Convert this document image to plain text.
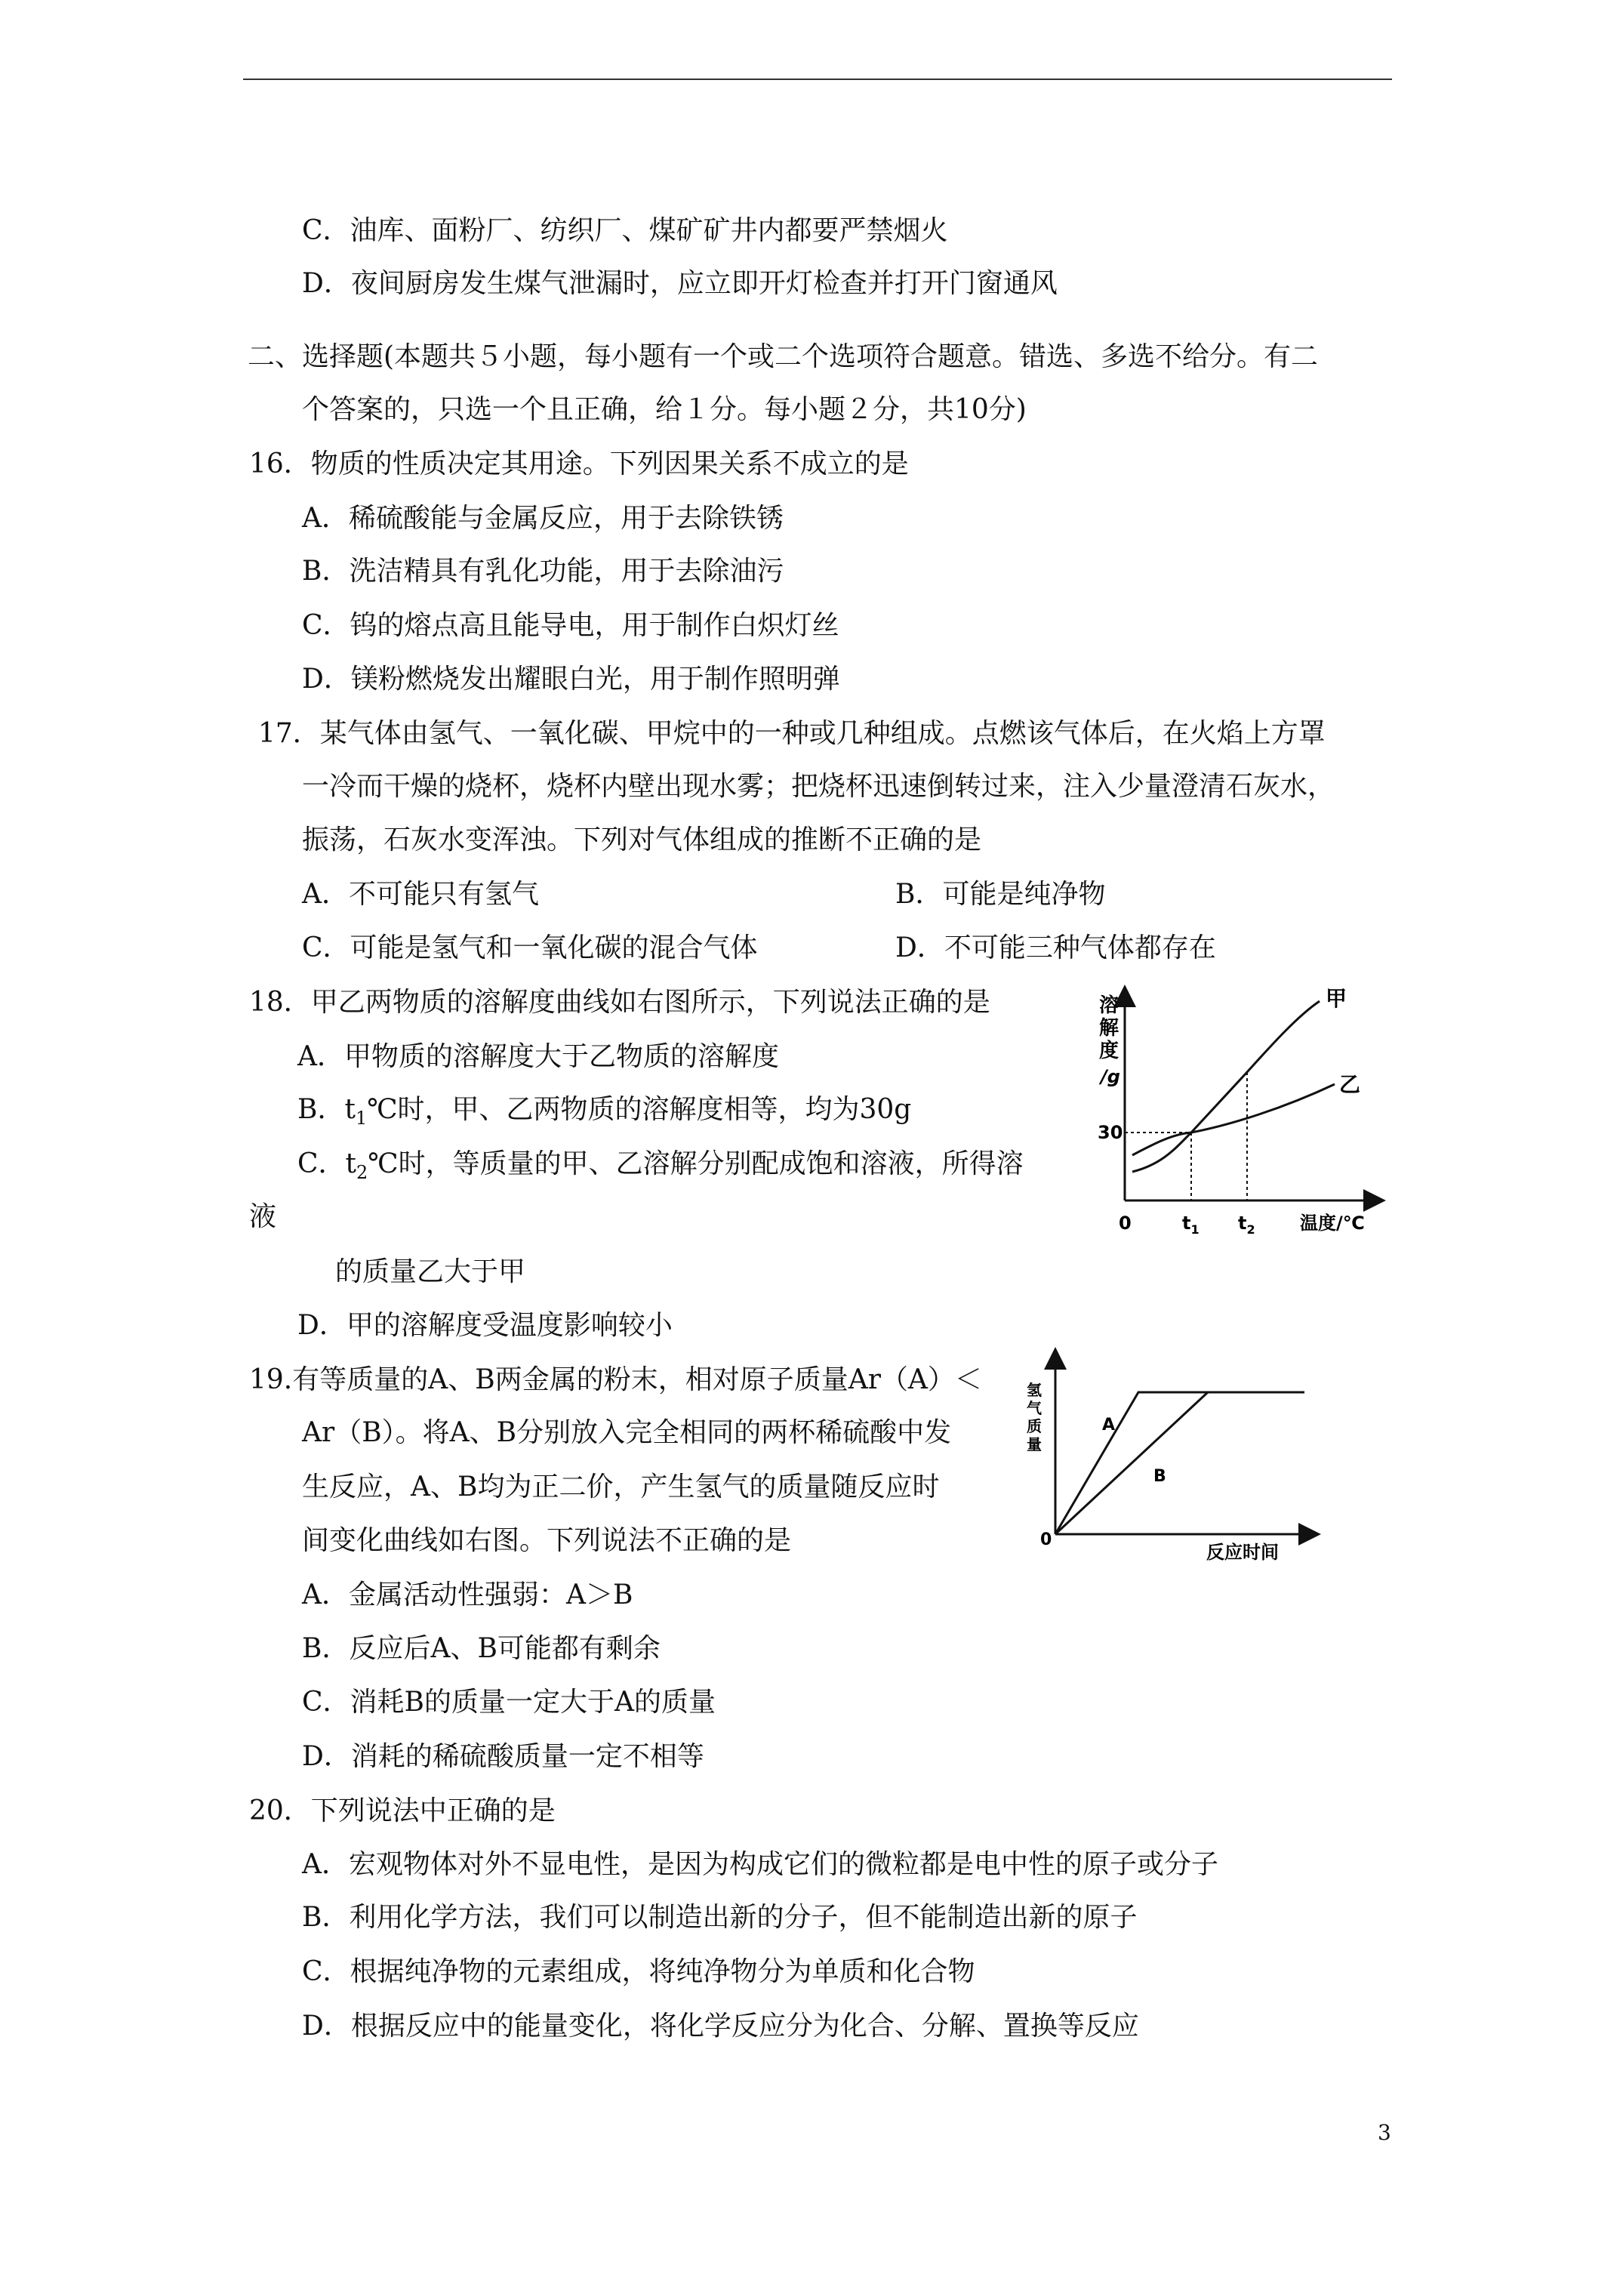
C．油库、面粉厂、纺织厂、煤矿矿井内都要严禁烟火
D．夜间厨房发生煤气泄漏时，应立即开灯检查并打开门窗通风
二、选择题(本题共５小题，每小题有一个或二个选项符合题意。错选、多选不给分。有二
个答案的，只选一个且正确，给１分。每小题２分，共10分)
16．物质的性质决定其用途。下列因果关系不成立的是
A．稀硫酸能与金属反应，用于去除铁锈
B．洗洁精具有乳化功能，用于去除油污
C．钨的熔点高且能导电，用于制作白炽灯丝
D．镁粉燃烧发出耀眼白光，用于制作照明弹
17．某气体由氢气、一氧化碳、甲烷中的一种或几种组成。点燃该气体后，在火焰上方罩
一冷而干燥的烧杯，烧杯内壁出现水雾；把烧杯迅速倒转过来，注入少量澄清石灰水，
振荡，石灰水变浑浊。下列对气体组成的推断不正确的是
A．不可能只有氢气	B．可能是纯净物
C．可能是氢气和一氧化碳的混合气体	D．不可能三种气体都存在
18．甲乙两物质的溶解度曲线如右图所示，下列说法正确的是
A．甲物质的溶解度大于乙物质的溶解度
B．$t_1℃$时，甲、乙两物质的溶解度相等，均为30g
C．$t_2℃$时，等质量的甲、乙溶解分别配成饱和溶液，所得溶
液
的质量乙大于甲
D．甲的溶解度受温度影响较小
19.有等质量的A、B两金属的粉末，相对原子质量Ar（A）＜
Ar（B）。将A、B分别放入完全相同的两杯稀硫酸中发
生反应，A、B均为正二价，产生氢气的质量随反应时
间变化曲线如右图。下列说法不正确的是
A．金属活动性强弱：A＞B
B．反应后A、B可能都有剩余
C．消耗B的质量一定大于A的质量
D．消耗的稀硫酸质量一定不相等
20．下列说法中正确的是
A．宏观物体对外不显电性，是因为构成它们的微粒都是电中性的原子或分子
B．利用化学方法，我们可以制造出新的分子，但不能制造出新的原子
C．根据纯净物的元素组成，将纯净物分为单质和化合物
D．根据反应中的能量变化，将化学反应分为化合、分解、置换等反应
溶
解
度
/g
30
0	$t_1$ $t_2$ 温度/℃
甲
乙
氢
气
质
量
0
反应时间
A
B
3
